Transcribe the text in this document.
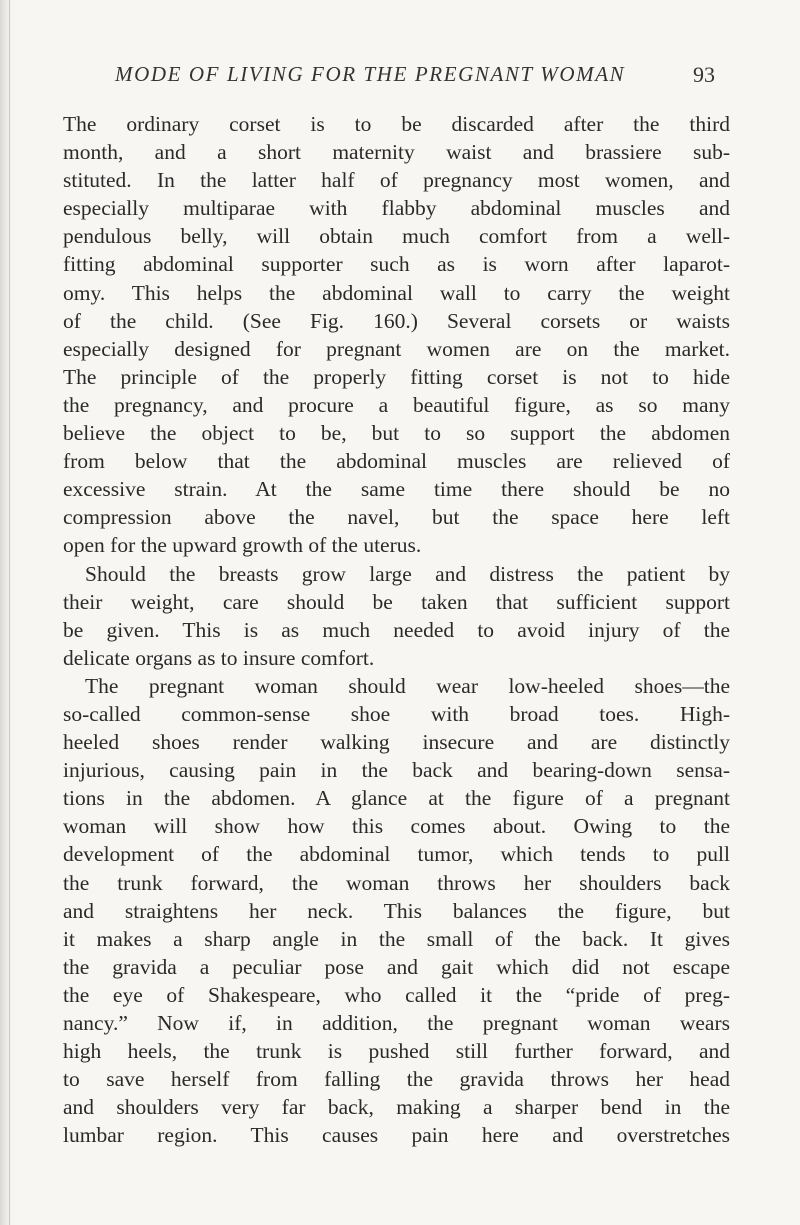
MODE OF LIVING FOR THE PREGNANT WOMAN	93
The ordinary corset is to be discarded after the third
month, and a short maternity waist and brassiere sub-
stituted. In the latter half of pregnancy most women, and
especially multiparae with flabby abdominal muscles and
pendulous belly, will obtain much comfort from a well-
fitting abdominal supporter such as is worn after laparot-
omy. This helps the abdominal wall to carry the weight
of the child. (See Fig. 160.) Several corsets or waists
especially designed for pregnant women are on the market.
The principle of the properly fitting corset is not to hide
the pregnancy, and procure a beautiful figure, as so many
believe the object to be, but to so support the abdomen
from below that the abdominal muscles are relieved of
excessive strain. At the same time there should be no
compression above the navel, but the space here left
open for the upward growth of the uterus.
Should the breasts grow large and distress the patient by
their weight, care should be taken that sufficient support
be given. This is as much needed to avoid injury of the
delicate organs as to insure comfort.
The pregnant woman should wear low-heeled shoes—the
so-called common-sense shoe with broad toes. High-
heeled shoes render walking insecure and are distinctly
injurious, causing pain in the back and bearing-down sensa-
tions in the abdomen. A glance at the figure of a pregnant
woman will show how this comes about. Owing to the
development of the abdominal tumor, which tends to pull
the trunk forward, the woman throws her shoulders back
and straightens her neck. This balances the figure, but
it makes a sharp angle in the small of the back. It gives
the gravida a peculiar pose and gait which did not escape
the eye of Shakespeare, who called it the “pride of preg-
nancy.” Now if, in addition, the pregnant woman wears
high heels, the trunk is pushed still further forward, and
to save herself from falling the gravida throws her head
and shoulders very far back, making a sharper bend in the
lumbar region. This causes pain here and overstretches
